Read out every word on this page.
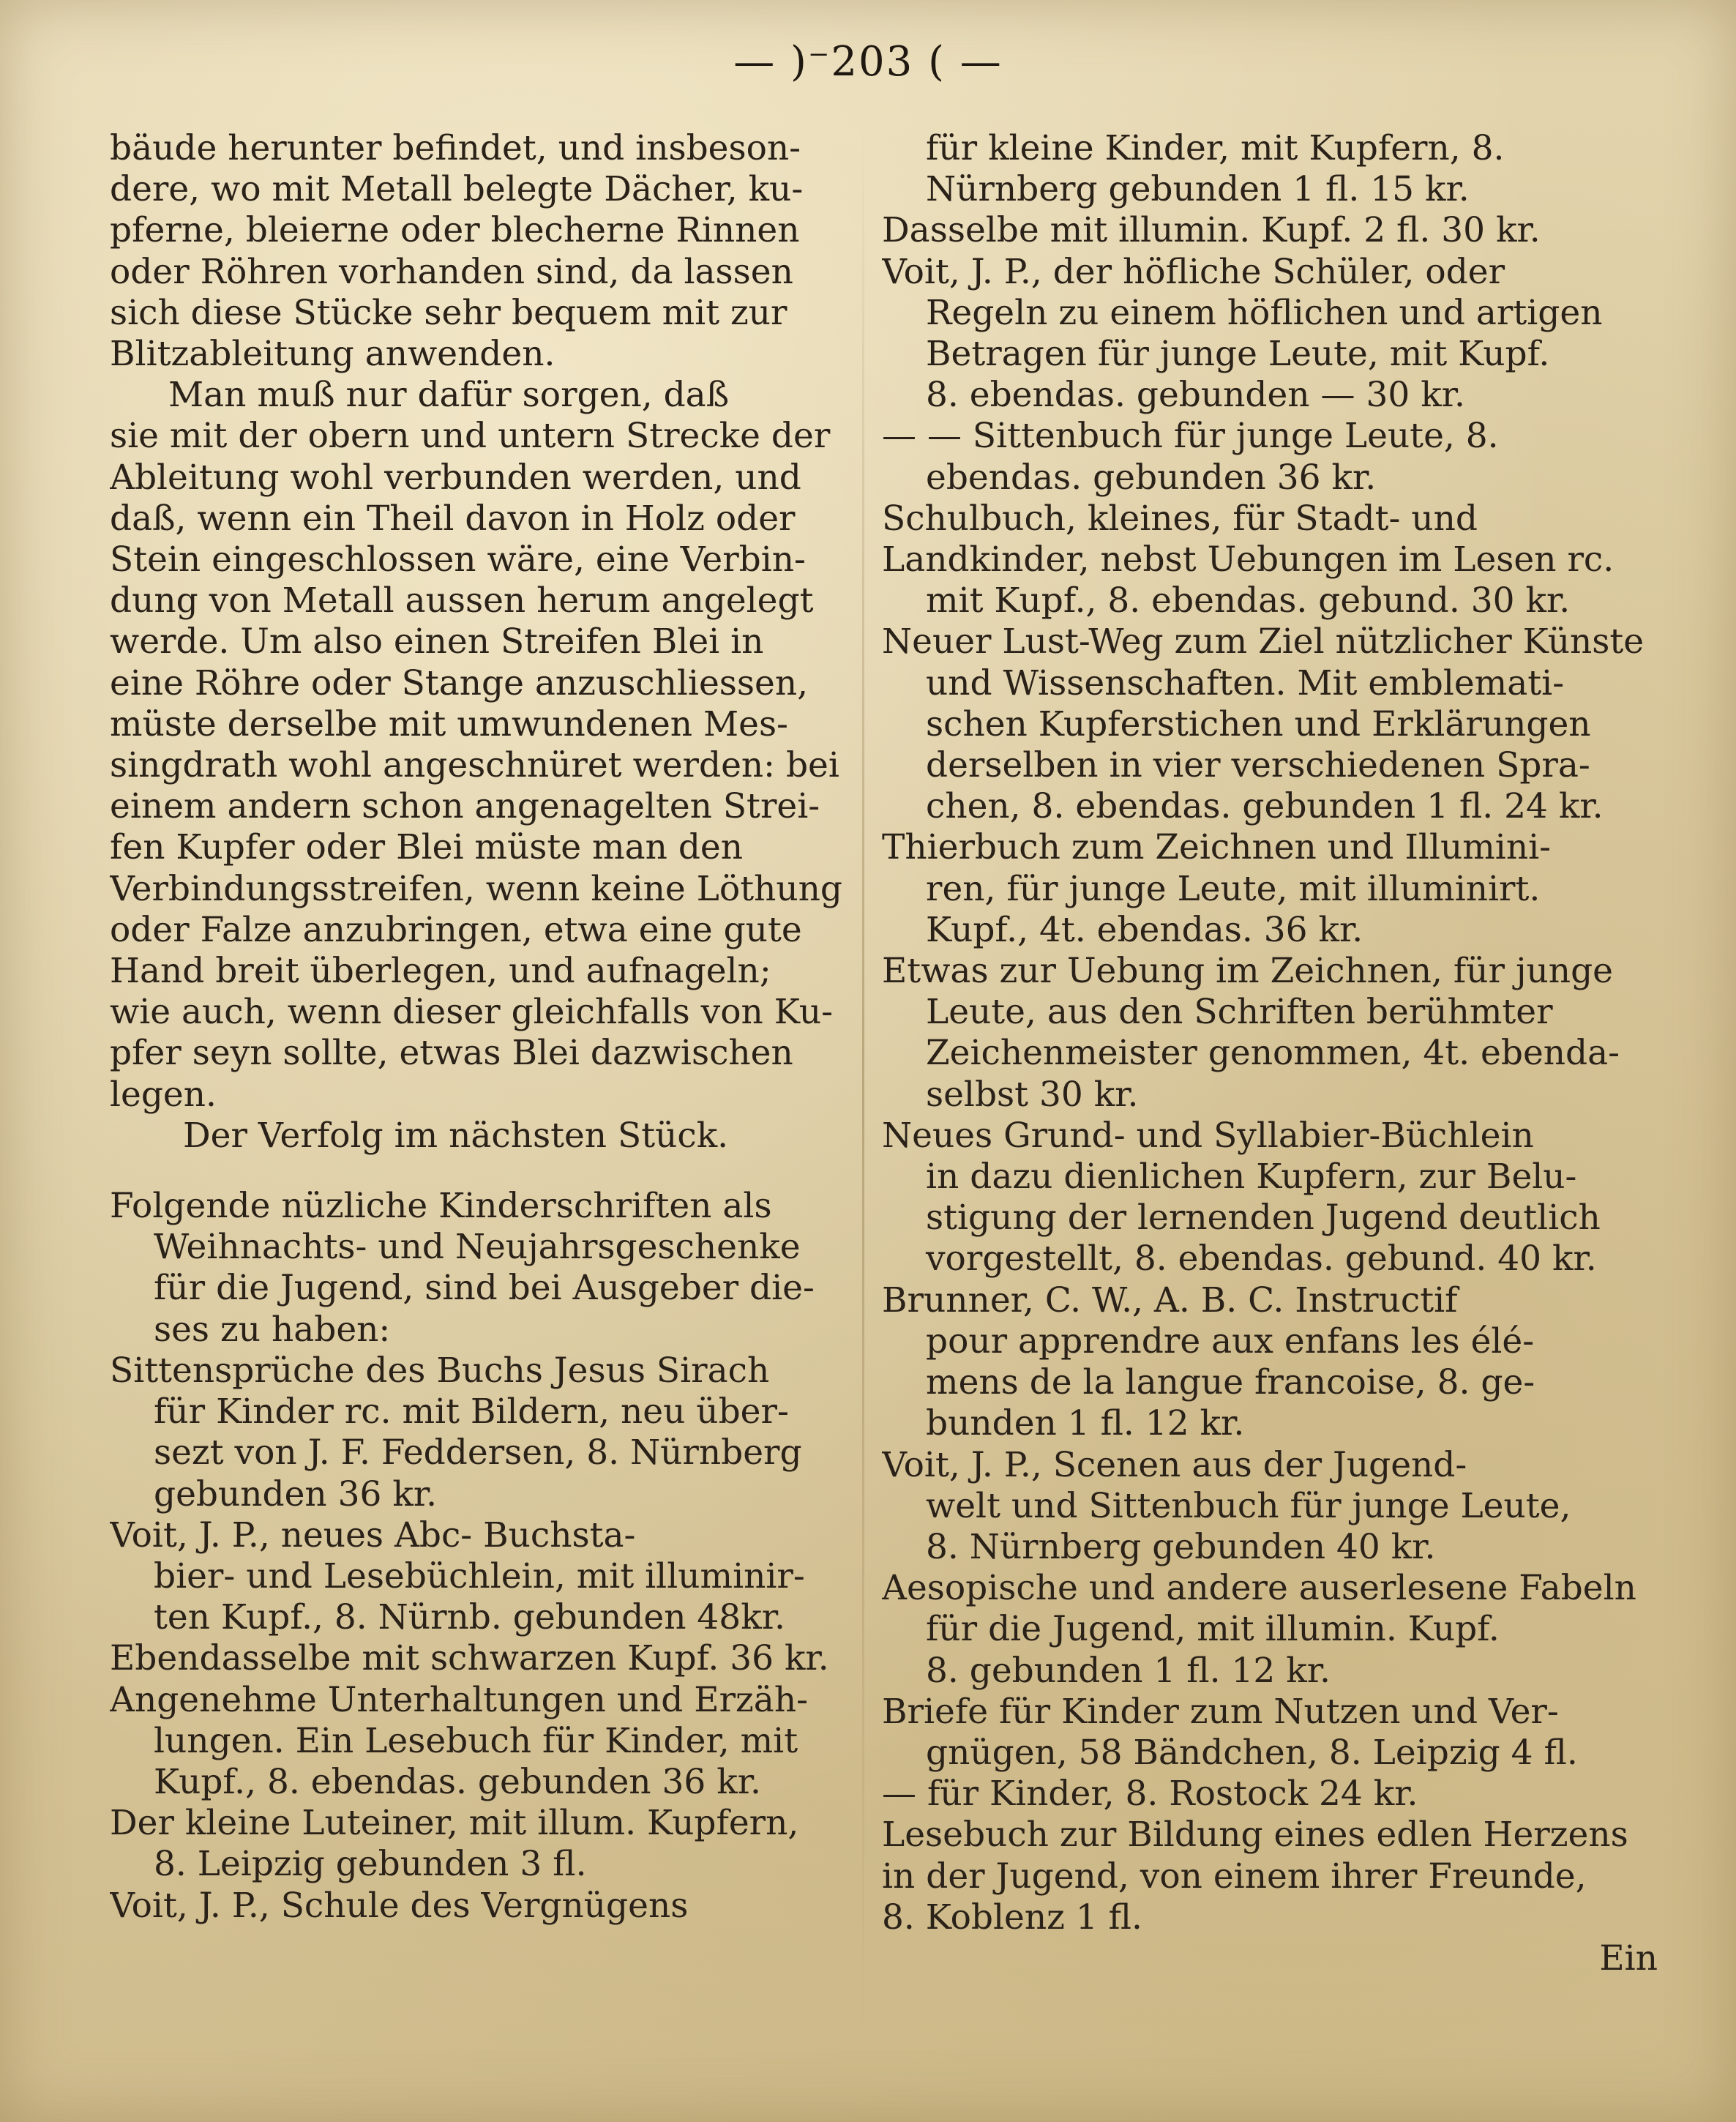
— )⁻203 ( —
bäude herunter befindet, und insbeson-
dere, wo mit Metall belegte Dächer, ku-
pferne, bleierne oder blecherne Rinnen
oder Röhren vorhanden sind, da lassen
sich diese Stücke sehr bequem mit zur
Blitzableitung anwenden.
Man muß nur dafür sorgen, daß
sie mit der obern und untern Strecke der
Ableitung wohl verbunden werden, und
daß, wenn ein Theil davon in Holz oder
Stein eingeschlossen wäre, eine Verbin-
dung von Metall aussen herum angelegt
werde. Um also einen Streifen Blei in
eine Röhre oder Stange anzuschliessen,
müste derselbe mit umwundenen Mes-
singdrath wohl angeschnüret werden: bei
einem andern schon angenagelten Strei-
fen Kupfer oder Blei müste man den
Verbindungsstreifen, wenn keine Löthung
oder Falze anzubringen, etwa eine gute
Hand breit überlegen, und aufnageln;
wie auch, wenn dieser gleichfalls von Ku-
pfer seyn sollte, etwas Blei dazwischen
legen.
Der Verfolg im nächsten Stück.
Folgende nüzliche Kinderschriften als
Weihnachts- und Neujahrsgeschenke
für die Jugend, sind bei Ausgeber die-
ses zu haben:
Sittensprüche des Buchs Jesus Sirach
für Kinder rc. mit Bildern, neu über-
sezt von J. F. Feddersen, 8. Nürnberg
gebunden 36 kr.
Voit, J. P., neues Abc- Buchsta-
bier- und Lesebüchlein, mit illuminir-
ten Kupf., 8. Nürnb. gebunden 48kr.
Ebendasselbe mit schwarzen Kupf. 36 kr.
Angenehme Unterhaltungen und Erzäh-
lungen. Ein Lesebuch für Kinder, mit
Kupf., 8. ebendas. gebunden 36 kr.
Der kleine Luteiner, mit illum. Kupfern,
8. Leipzig gebunden 3 fl.
Voit, J. P., Schule des Vergnügens
für kleine Kinder, mit Kupfern, 8.
Nürnberg gebunden 1 fl. 15 kr.
Dasselbe mit illumin. Kupf. 2 fl. 30 kr.
Voit, J. P., der höfliche Schüler, oder
Regeln zu einem höflichen und artigen
Betragen für junge Leute, mit Kupf.
8. ebendas. gebunden — 30 kr.
— — Sittenbuch für junge Leute, 8.
ebendas. gebunden 36 kr.
Schulbuch, kleines, für Stadt- und
Landkinder, nebst Uebungen im Lesen rc.
mit Kupf., 8. ebendas. gebund. 30 kr.
Neuer Lust-Weg zum Ziel nützlicher Künste
und Wissenschaften. Mit emblemati-
schen Kupferstichen und Erklärungen
derselben in vier verschiedenen Spra-
chen, 8. ebendas. gebunden 1 fl. 24 kr.
Thierbuch zum Zeichnen und Illumini-
ren, für junge Leute, mit illuminirt.
Kupf., 4t. ebendas. 36 kr.
Etwas zur Uebung im Zeichnen, für junge
Leute, aus den Schriften berühmter
Zeichenmeister genommen, 4t. ebenda-
selbst 30 kr.
Neues Grund- und Syllabier-Büchlein
in dazu dienlichen Kupfern, zur Belu-
stigung der lernenden Jugend deutlich
vorgestellt, 8. ebendas. gebund. 40 kr.
Brunner, C. W., A. B. C. Instructif
pour apprendre aux enfans les élé-
mens de la langue francoise, 8. ge-
bunden 1 fl. 12 kr.
Voit, J. P., Scenen aus der Jugend-
welt und Sittenbuch für junge Leute,
8. Nürnberg gebunden 40 kr.
Aesopische und andere auserlesene Fabeln
für die Jugend, mit illumin. Kupf.
8. gebunden 1 fl. 12 kr.
Briefe für Kinder zum Nutzen und Ver-
gnügen, 58 Bändchen, 8. Leipzig 4 fl.
— für Kinder, 8. Rostock 24 kr.
Lesebuch zur Bildung eines edlen Herzens
in der Jugend, von einem ihrer Freunde,
8. Koblenz 1 fl.
Ein
